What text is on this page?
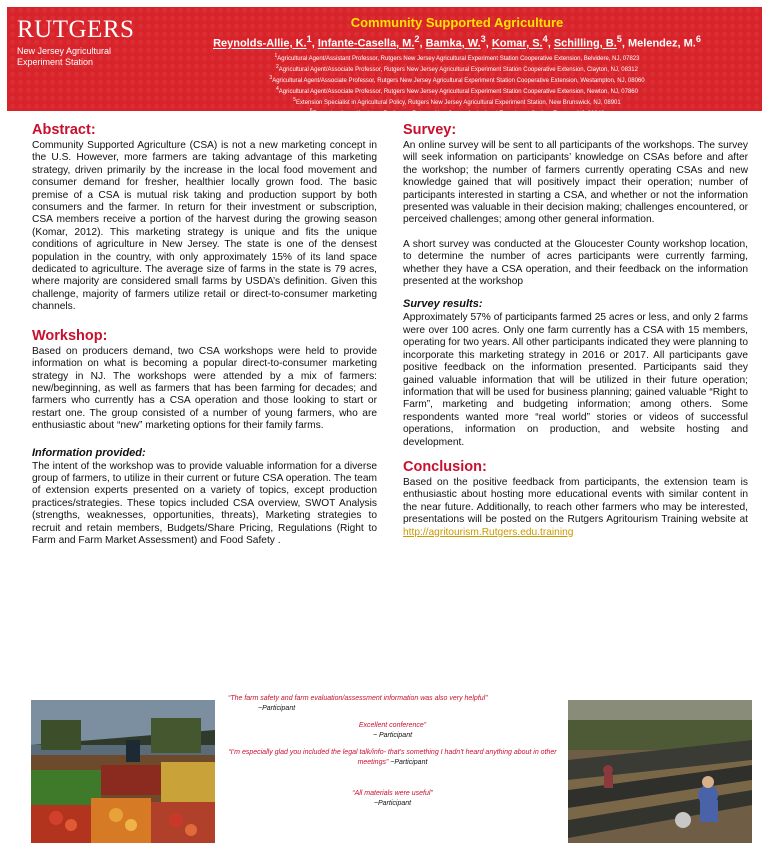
RUTGERS
New Jersey Agricultural
Experiment Station
Community Supported Agriculture
Reynolds-Allie, K.$^1$, Infante-Casella, M.$^2$, Bamka, W.$^3$, Komar, S.$^4$, Schilling, B.$^5$, Melendez, M.$^6$
$^1$Agricultural Agent/Assistant Professor, Rutgers New Jersey Agricultural Experiment Station Cooperative Extension, Belvidere, NJ, 07823
$^2$Agricultural Agent/Associate Professor, Rutgers New Jersey Agricultural Experiment Station Cooperative Extension, Clayton, NJ, 08312
$^3$Agricultural Agent/Associate Professor, Rutgers New Jersey Agricultural Experiment Station Cooperative Extension, Westampton, NJ, 08060
$^4$Agricultural Agent/Associate Professor, Rutgers New Jersey Agricultural Experiment Station Cooperative Extension, Newton, NJ, 07860
$^5$Extension Specialist in Agricultural Policy, Rutgers New Jersey Agricultural Experiment Station, New Brunswick, NJ, 08901
$^6$Extension Agent/Assistant Professor, Rutgers New Jersey Agricultural Experiment Station, Trenton, NJ, 08648
Abstract:

Community Supported Agriculture (CSA) is not a new marketing concept in the U.S. However, more farmers are taking advantage of this marketing strategy, driven primarily by the increase in the local food movement and consumer demand for fresher, healthier locally grown food. The basic premise of a CSA is mutual risk taking and production support by both consumers and the farmer. In return for their investment or subscription, CSA members receive a portion of the harvest during the growing season (Komar, 2012). This marketing strategy is unique and fits the unique conditions of agriculture in New Jersey. The state is one of the densest population in the country, with only approximately 15% of its land space dedicated to agriculture. The average size of farms in the state is 79 acres, where majority are considered small farms by USDA’s definition. Given this challenge, majority of farmers utilize retail or direct-to-consumer marketing channels.

Workshop:

Based on producers demand, two CSA workshops were held to provide information on what is becoming a popular direct-to-consumer marketing strategy in NJ. The workshops were attended by a mix of farmers: new/beginning, as well as farmers that has been farming for decades; and farmers who currently has a CSA operation and those looking to start or restart one. The group consisted of a number of young farmers, who are enthusiastic about “new” marketing options for their family farms.

Information provided:

The intent of the workshop was to provide valuable information for a diverse group of farmers, to utilize in their current or future CSA operation. The team of extension experts presented on a variety of topics, except production practices/strategies. These topics included CSA overview, SWOT Analysis (strengths, weaknesses, opportunities, threats), Marketing strategies to recruit and retain members, Budgets/Share Pricing, Regulations (Right to Farm and Farm Market Assessment) and Food Safety .

Survey:

An online survey will be sent to all participants of the workshops. The survey will seek information on participants’ knowledge on CSAs before and after the workshop; the number of farmers currently operating CSAs and new knowledge gained that will positively impact their operation; number of participants interested in starting a CSA, and whether or not the information presented was valuable in their decision making; challenges encountered, or perceived challenges; among other general information.

A short survey was conducted at the Gloucester County workshop location, to determine the number of acres participants were currently farming, whether they have a CSA operation, and their feedback on the information presented at the workshop

Survey results:

Approximately 57% of participants farmed 25 acres or less, and only 2 farms were over 100 acres. Only one farm currently has a CSA with 15 members, operating for two years. All other participants indicated they were planning to incorporate this marketing strategy in 2016 or 2017. All participants gave positive feedback on the information presented. Participants said they gained valuable information that will be utilized in their future operation; information that will be used for business planning; gained valuable “Right to Farm”, marketing and budgeting information; among others. Some respondents wanted more “real world” stories or videos of successful operations, information on production, and website hosting and development.

Conclusion:

Based on the positive feedback from participants, the extension team is enthusiastic about hosting more educational events with similar content in the near future. Additionally, to reach other farmers who may be interested, presentations will be posted on the Rutgers Agritourism Training website at http://agritourism.Rutgers.edu.training

“The farm safety and farm evaluation/assessment information was also very helpful”
~Participant
Excellent conference”
~ Participant
“I’m especially glad you included the legal talk/info- that’s something I hadn’t heard anything about in other meetings” ~Participant
“All materials were useful”
~Participant
